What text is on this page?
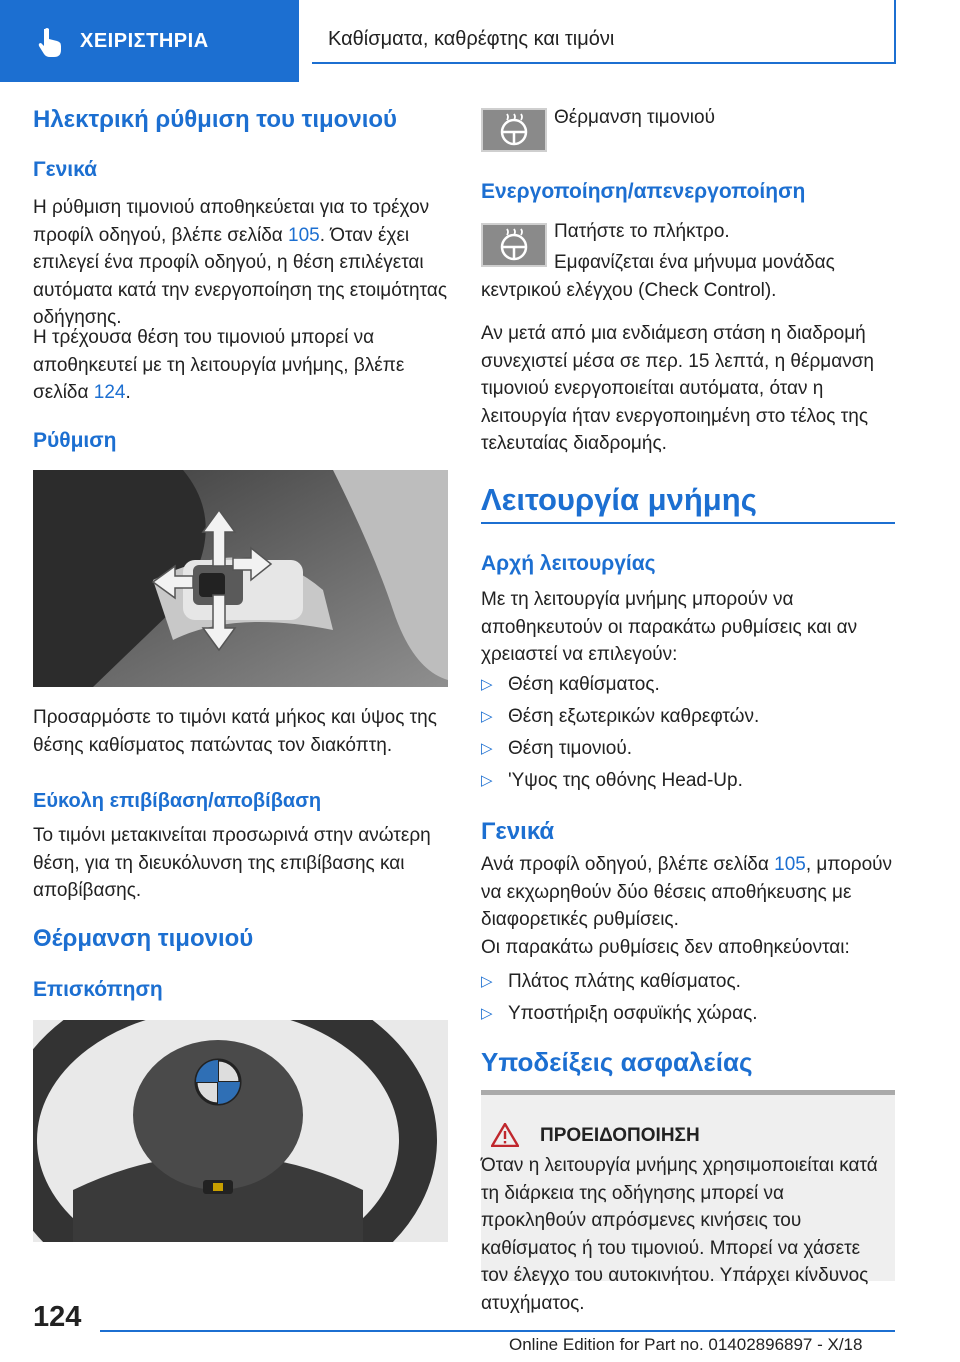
ΧΕΙΡΙΣΤΗΡΙΑ	Καθίσματα, καθρέφτης και τιμόνι
Ηλεκτρική ρύθμιση του τιμονιού
Γενικά

Η ρύθμιση τιμονιού αποθηκεύεται για το τρέχον προφίλ οδηγού, βλέπε σελίδα 105. Όταν έχει επιλεγεί ένα προφίλ οδηγού, η θέση επιλέγεται αυτόματα κατά την ενεργοποίηση της ετοιμότητας οδήγησης.

Η τρέχουσα θέση του τιμονιού μπορεί να αποθηκευτεί με τη λειτουργία μνήμης, βλέπε σελίδα 124.

Ρύθμιση

Προσαρμόστε το τιμόνι κατά μήκος και ύψος της θέσης καθίσματος πατώντας τον διακόπτη.

Εύκολη επιβίβαση/αποβίβαση

Το τιμόνι μετακινείται προσωρινά στην ανώτερη θέση, για τη διευκόλυνση της επιβίβασης και αποβίβασης.

Θέρμανση τιμονιού
Επισκόπηση

Θέρμανση τιμονιού

Ενεργοποίηση/απενεργοποίηση

Πατήστε το πλήκτρο.

Εμφανίζεται ένα μήνυμα μονάδας κεντρικού ελέγχου (Check Control).

Αν μετά από μια ενδιάμεση στάση η διαδρομή συνεχιστεί μέσα σε περ. 15 λεπτά, η θέρμανση τιμονιού ενεργοποιείται αυτόματα, όταν η λειτουργία ήταν ενεργοποιημένη στο τέλος της τελευταίας διαδρομής.

Λειτουργία μνήμης
Αρχή λειτουργίας

Με τη λειτουργία μνήμης μπορούν να αποθηκευτούν οι παρακάτω ρυθμίσεις και αν χρειαστεί να επιλεγούν:

▷ Θέση καθίσματος.
▷ Θέση εξωτερικών καθρεφτών.
▷ Θέση τιμονιού.
▷ 'Υψος της οθόνης Head-Up.
Γενικά

Ανά προφίλ οδηγού, βλέπε σελίδα 105, μπορούν να εκχωρηθούν δύο θέσεις αποθήκευσης με διαφορετικές ρυθμίσεις.

Οι παρακάτω ρυθμίσεις δεν αποθηκεύονται:

▷ Πλάτος πλάτης καθίσματος.
▷ Υποστήριξη οσφυϊκής χώρας.
Υποδείξεις ασφαλείας
ΠΡΟΕΙΔΟΠΟΙΗΣΗ

Όταν η λειτουργία μνήμης χρησιμοποιείται κατά τη διάρκεια της οδήγησης μπορεί να προκληθούν απρόσμενες κινήσεις του καθίσματος ή του τιμονιού. Μπορεί να χάσετε τον έλεγχο του αυτοκινήτου. Υπάρχει κίνδυνος ατυχήματος.

124
Online Edition for Part no. 01402896897 - X/18
